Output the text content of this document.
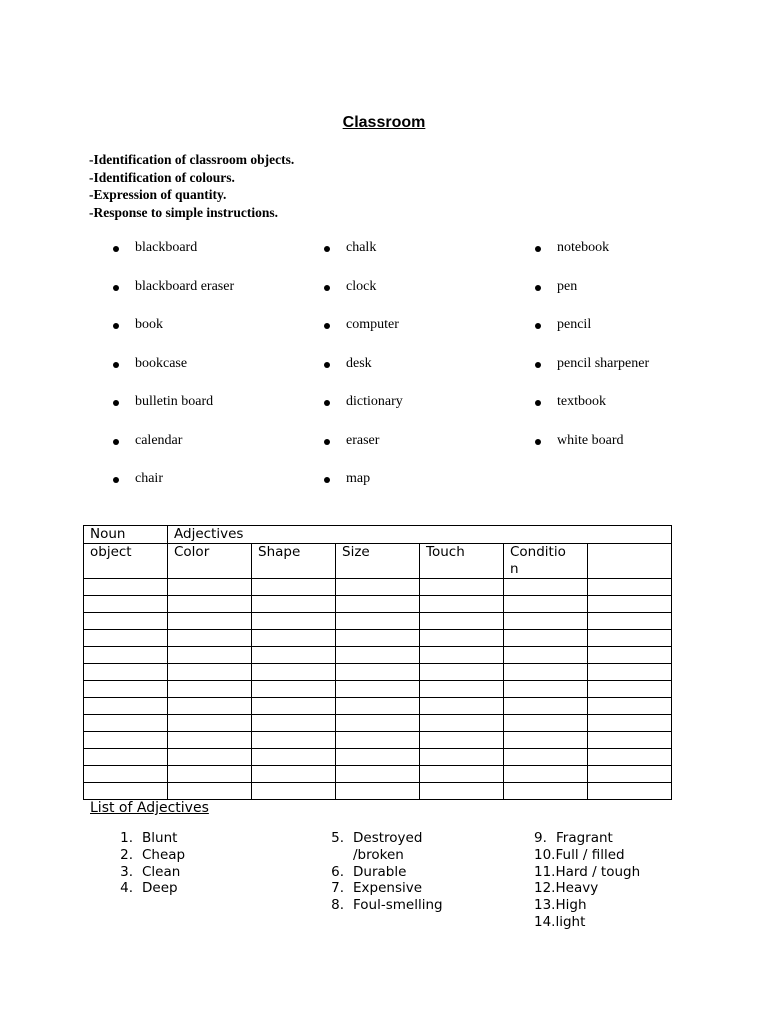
Classroom
-Identification of classroom objects.
-Identification of colours.
-Expression of quantity.
-Response to simple instructions.
blackboard
blackboard eraser
book
bookcase
bulletin board
calendar
chair
chalk
clock
computer
desk
dictionary
eraser
map
notebook
pen
pencil
pencil sharpener
textbook
white board
Noun	Adjectives					
object	Color	Shape	Size	Touch	Conditio
n	

List of Adjectives
1. Blunt
2. Cheap
3. Clean
4. Deep
5. Destroyed
/broken
6. Durable
7. Expensive
8. Foul-smelling
9. Fragrant
10. Full / filled
11. Hard / tough
12. Heavy
13. High
14. light
